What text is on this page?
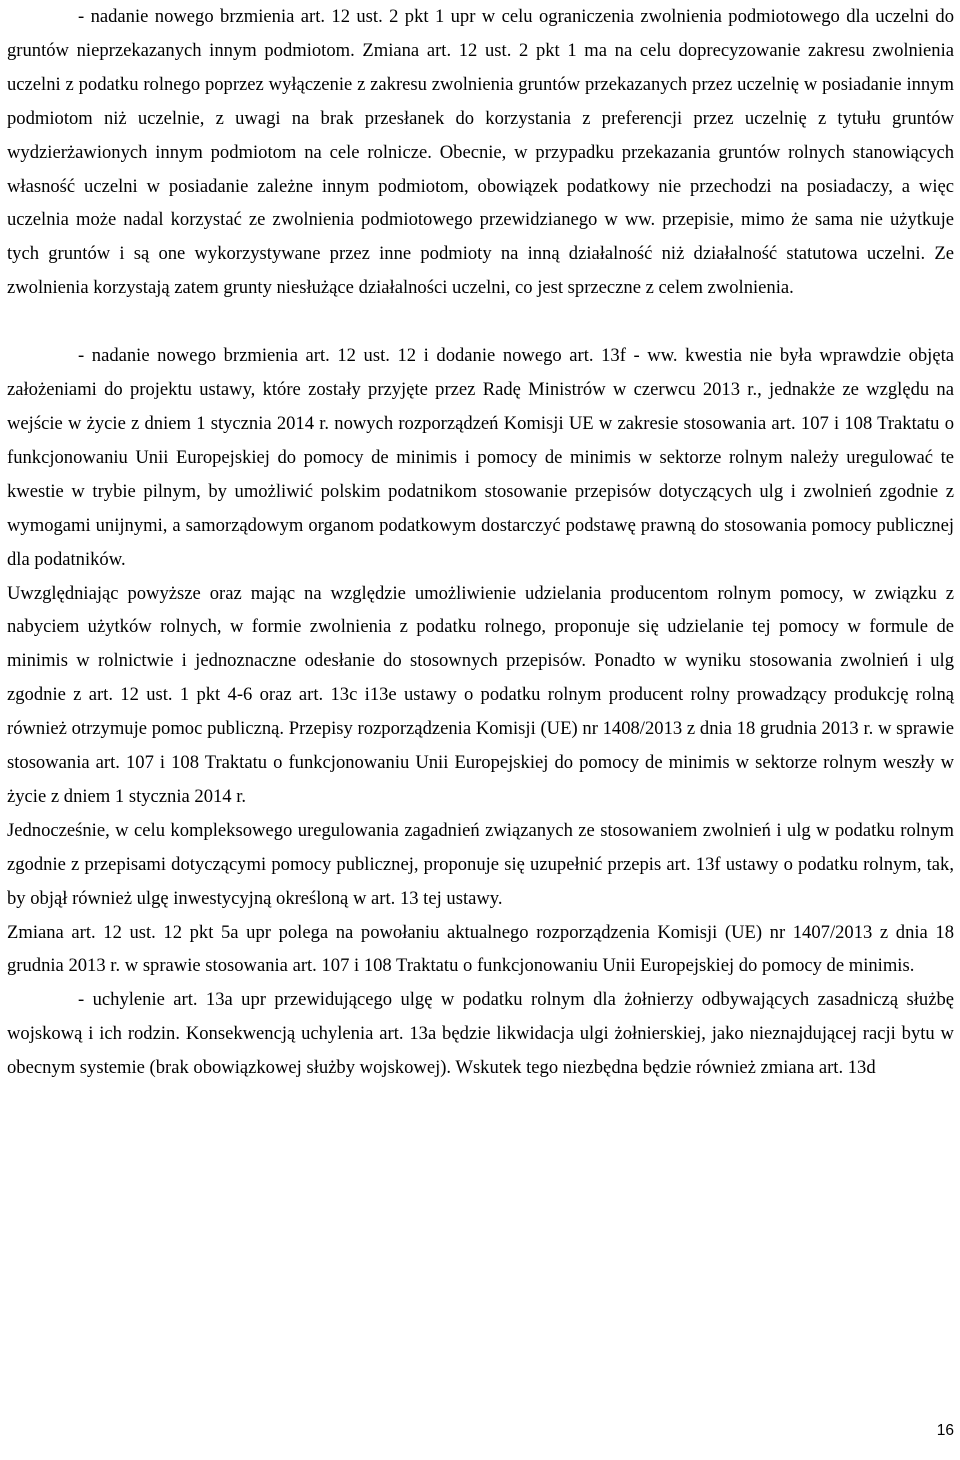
- nadanie nowego brzmienia art. 12 ust. 2 pkt 1 upr w celu ograniczenia zwolnienia podmiotowego dla uczelni do gruntów nieprzekazanych innym podmiotom. Zmiana art. 12 ust. 2 pkt 1 ma na celu doprecyzowanie zakresu zwolnienia uczelni z podatku rolnego poprzez wyłączenie z zakresu zwolnienia gruntów przekazanych przez uczelnię w posiadanie innym podmiotom niż uczelnie, z uwagi na brak przesłanek do korzystania z preferencji przez uczelnię z tytułu gruntów wydzierżawionych innym podmiotom na cele rolnicze. Obecnie, w przypadku przekazania gruntów rolnych stanowiących własność uczelni w posiadanie zależne innym podmiotom, obowiązek podatkowy nie przechodzi na posiadaczy, a więc uczelnia może nadal korzystać ze zwolnienia podmiotowego przewidzianego w ww. przepisie, mimo że sama nie użytkuje tych gruntów i są one wykorzystywane przez inne podmioty na inną działalność niż działalność statutowa uczelni. Ze zwolnienia korzystają zatem grunty niesłużące działalności uczelni, co jest sprzeczne z celem zwolnienia.

- nadanie nowego brzmienia art. 12 ust. 12 i dodanie nowego art. 13f - ww. kwestia nie była wprawdzie objęta założeniami do projektu ustawy, które zostały przyjęte przez Radę Ministrów w czerwcu 2013 r., jednakże ze względu na wejście w życie z dniem 1 stycznia 2014 r. nowych rozporządzeń Komisji UE w zakresie stosowania art. 107 i 108 Traktatu o funkcjonowaniu Unii Europejskiej do pomocy de minimis i pomocy de minimis w sektorze rolnym należy uregulować te kwestie w trybie pilnym, by umożliwić polskim podatnikom stosowanie przepisów dotyczących ulg i zwolnień zgodnie z wymogami unijnymi, a samorządowym organom podatkowym dostarczyć podstawę prawną do stosowania pomocy publicznej dla podatników.

Uwzględniając powyższe oraz mając na względzie umożliwienie udzielania producentom rolnym pomocy, w związku z nabyciem użytków rolnych, w formie zwolnienia z podatku rolnego, proponuje się udzielanie tej pomocy w formule de minimis w rolnictwie i jednoznaczne odesłanie do stosownych przepisów. Ponadto w wyniku stosowania zwolnień i ulg zgodnie z art. 12 ust. 1 pkt 4-6 oraz art. 13c i13e ustawy o podatku rolnym producent rolny prowadzący produkcję rolną również otrzymuje pomoc publiczną. Przepisy rozporządzenia Komisji (UE) nr 1408/2013 z dnia 18 grudnia 2013 r. w sprawie stosowania art. 107 i 108 Traktatu o funkcjonowaniu Unii Europejskiej do pomocy de minimis w sektorze rolnym weszły w życie z dniem 1 stycznia 2014 r.

Jednocześnie, w celu kompleksowego uregulowania zagadnień związanych ze stosowaniem zwolnień i ulg w podatku rolnym zgodnie z przepisami dotyczącymi pomocy publicznej, proponuje się uzupełnić przepis art. 13f ustawy o podatku rolnym, tak, by objął również ulgę inwestycyjną określoną w art. 13 tej ustawy.

Zmiana art. 12 ust. 12 pkt 5a upr polega na powołaniu aktualnego rozporządzenia Komisji (UE) nr 1407/2013 z dnia 18 grudnia 2013 r. w sprawie stosowania art. 107 i 108 Traktatu o funkcjonowaniu Unii Europejskiej do pomocy de minimis.

- uchylenie art. 13a upr przewidującego ulgę w podatku rolnym dla żołnierzy odbywających zasadniczą służbę wojskową i ich rodzin. Konsekwencją uchylenia art. 13a będzie likwidacja ulgi żołnierskiej, jako nieznajdującej racji bytu w obecnym systemie (brak obowiązkowej służby wojskowej). Wskutek tego niezbędna będzie również zmiana art. 13d

16
